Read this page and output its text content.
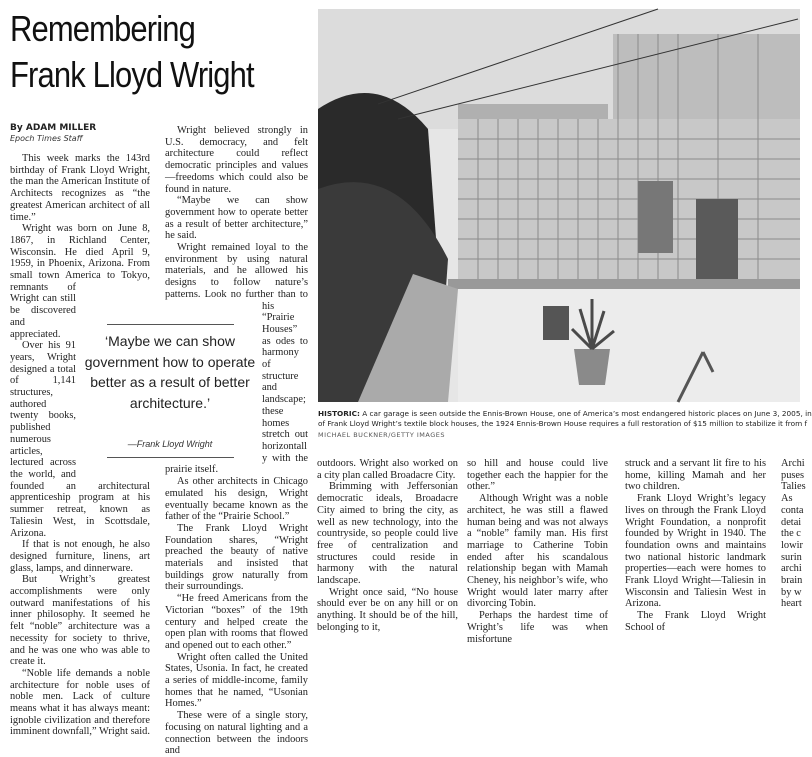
Remembering
Frank Lloyd Wright
By ADAM MILLER
Epoch Times Staff

This week marks the 143rd birthday of Frank Lloyd Wright, the man the American Institute of Architects recognizes as “the greatest American architect of all time.”

Wright was born on June 8, 1867, in Richland Center, Wisconsin. He died April 9, 1959, in Phoenix, Arizona. From small town America to Tokyo, remnants of Wright can still be discovered and appreciated.

Over his 91 years, Wright designed a total of 1,141 structures, authored twenty books, published numerous articles, lectured across the world, and founded an architectural apprenticeship program at his summer retreat, known as Taliesin West, in Scottsdale, Arizona.

If that is not enough, he also designed furniture, linens, art glass, lamps, and dinnerware.

But Wright’s greatest accomplishments were only outward manifestations of his inner philosophy. It seemed he felt “noble” architecture was a necessity for society to thrive, and he was one who was able to create it.

“Noble life demands a noble architecture for noble uses of noble men. Lack of culture means what it has always meant: ignoble civilization and therefore imminent downfall,” Wright said.

Wright believed strongly in U.S. democracy, and felt architecture could reflect democratic principles and values—freedoms which could also be found in nature.

“Maybe we can show government how to operate better as a result of better architecture,” he said.

Wright remained loyal to the environment by using natural materials, and he allowed his designs to follow nature’s patterns. Look no further than to his “Prairie Houses” as odes to harmony of structure and landscape; these homes stretch out horizontally with the prairie itself.

As other architects in Chicago emulated his design, Wright eventually became known as the father of the “Prairie School.”

The Frank Lloyd Wright Foundation shares, “Wright preached the beauty of native materials and insisted that buildings grow naturally from their surroundings.

“He freed Americans from the Victorian “boxes” of the 19th century and helped create the open plan with rooms that flowed and opened out to each other.”

Wright often called the United States, Usonia. In fact, he created a series of middle-income, family homes that he named, “Usonian Homes.”

These were of a single story, focusing on natural lighting and a connection between the indoors and

‘Maybe we can show government how to operate better as a result of better architecture.’
—Frank Lloyd Wright
HISTORIC: A car garage is seen outside the Ennis-Brown House, one of America’s most endangered historic places on June 3, 2005, in
of Frank Lloyd Wright’s textile block houses, the 1924 Ennis-Brown House requires a full restoration of $15 million to stabilize it from f
MICHAEL BUCKNER/GETTY IMAGES

outdoors. Wright also worked on a city plan called Broadacre City.

Brimming with Jeffersonian democratic ideals, Broadacre City aimed to bring the city, as well as new technology, into the countryside, so people could live free of centralization and structures could reside in harmony with the natural landscape.

Wright once said, “No house should ever be on any hill or on anything. It should be of the hill, belonging to it,

so hill and house could live together each the happier for the other.”

Although Wright was a noble architect, he was still a flawed human being and was not always a “noble” family man. His first marriage to Catherine Tobin ended after his scandalous relationship began with Mamah Cheney, his neighbor’s wife, who Wright would later marry after divorcing Tobin.

Perhaps the hardest time of Wright’s life was when misfortune

struck and a servant lit fire to his home, killing Mamah and her two children.

Frank Lloyd Wright’s legacy lives on through the Frank Lloyd Wright Foundation, a nonprofit founded by Wright in 1940. The foundation owns and maintains two national historic landmark properties—each were homes to Frank Lloyd Wright—Taliesin in Wisconsin and Taliesin West in Arizona.

The Frank Lloyd Wright School of

Archi
puses
Talies
As
conta
detai
the c
lowir
surin
archi
brain
by w
heart
